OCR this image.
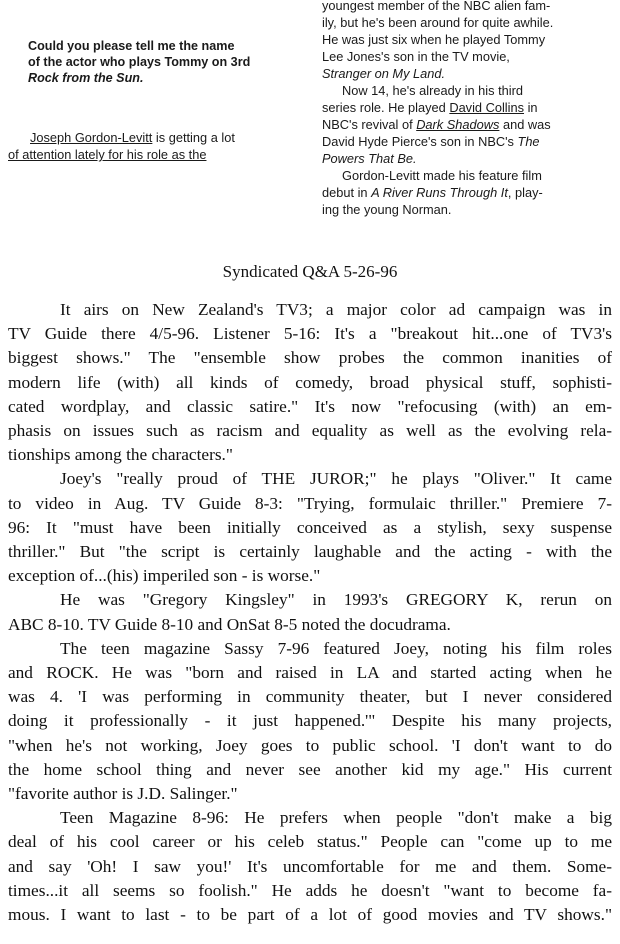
Could you please tell me the name
of the actor who plays Tommy on 3rd
Rock from the Sun.
Joseph Gordon-Levitt is getting a lot
of attention lately for his role as the
youngest member of the NBC alien fam-
ily, but he's been around for quite awhile.
He was just six when he played Tommy
Lee Jones's son in the TV movie,
Stranger on My Land.
Now 14, he's already in his third
series role. He played David Collins in
NBC's revival of Dark Shadows and was
David Hyde Pierce's son in NBC's The
Powers That Be.
Gordon-Levitt made his feature film
debut in A River Runs Through It, play-
ing the young Norman.
Syndicated Q&A 5-26-96
It airs on New Zealand's TV3; a major color ad campaign was in
TV Guide there 4/5-96. Listener 5-16: It's a "breakout hit...one of TV3's
biggest shows." The "ensemble show probes the common inanities of
modern life (with) all kinds of comedy, broad physical stuff, sophisti-
cated wordplay, and classic satire." It's now "refocusing (with) an em-
phasis on issues such as racism and equality as well as the evolving rela-
tionships among the characters."
Joey's "really proud of THE JUROR;" he plays "Oliver." It came
to video in Aug. TV Guide 8-3: "Trying, formulaic thriller." Premiere 7-
96: It "must have been initially conceived as a stylish, sexy suspense
thriller." But "the script is certainly laughable and the acting - with the
exception of...(his) imperiled son - is worse."
He was "Gregory Kingsley" in 1993's GREGORY K, rerun on
ABC 8-10. TV Guide 8-10 and OnSat 8-5 noted the docudrama.
The teen magazine Sassy 7-96 featured Joey, noting his film roles
and ROCK. He was "born and raised in LA and started acting when he
was 4. 'I was performing in community theater, but I never considered
doing it professionally - it just happened.'" Despite his many projects,
"when he's not working, Joey goes to public school. 'I don't want to do
the home school thing and never see another kid my age." His current
"favorite author is J.D. Salinger."
Teen Magazine 8-96: He prefers when people "don't make a big
deal of his cool career or his celeb status." People can "come up to me
and say 'Oh! I saw you!' It's uncomfortable for me and them. Some-
times...it all seems so foolish." He adds he doesn't "want to become fa-
mous. I want to last - to be part of a lot of good movies and TV shows."
